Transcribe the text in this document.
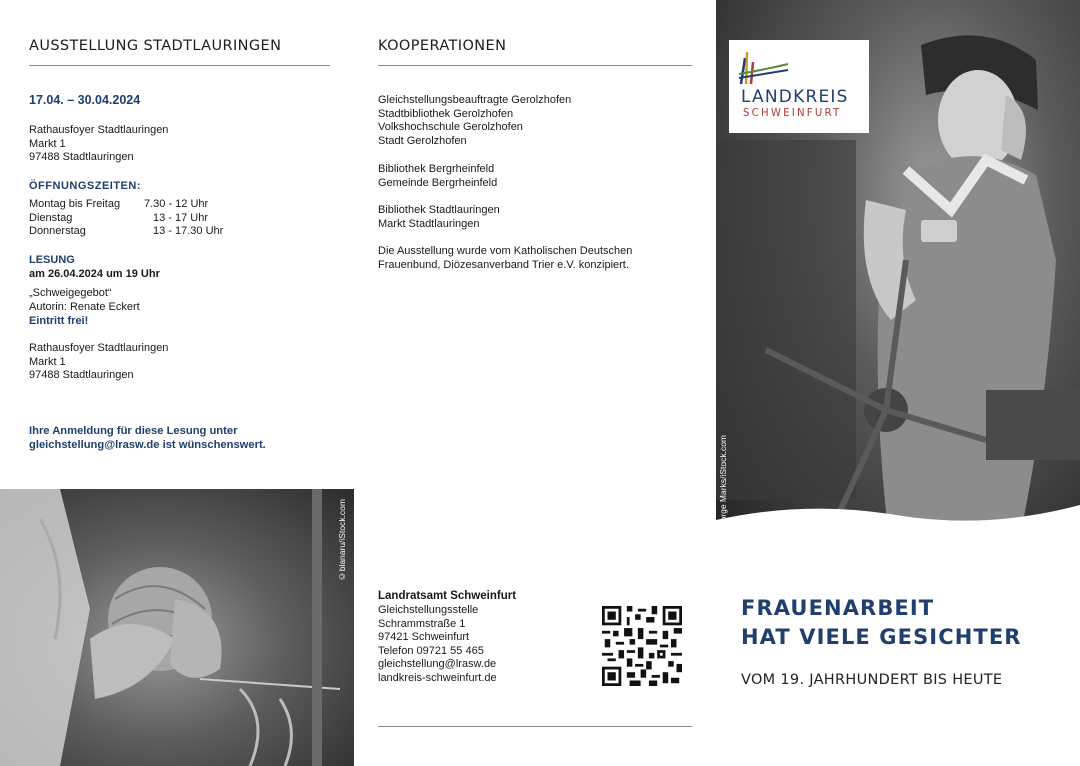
AUSSTELLUNG STADTLAURINGEN
17.04. – 30.04.2024
Rathausfoyer Stadtlauringen
Markt 1
97488 Stadtlauringen
ÖFFNUNGSZEITEN:
Montag bis Freitag	7.30 - 12 Uhr
Dienstag	13 - 17 Uhr
Donnerstag	13 - 17.30 Uhr
LESUNG
am 26.04.2024 um 19 Uhr
„Schweigegebot“
Autorin: Renate Eckert
Eintritt frei!
Rathausfoyer Stadtlauringen
Markt 1
97488 Stadtlauringen
Ihre Anmeldung für diese Lesung unter
gleichstellung@lrasw.de ist wünschenswert.
©blanaru/iStock.com
KOOPERATIONEN
Gleichstellungsbeauftragte Gerolzhofen
Stadtbibliothek Gerolzhofen
Volkshochschule Gerolzhofen
Stadt Gerolzhofen
Bibliothek Bergrheinfeld
Gemeinde Bergrheinfeld
Bibliothek Stadtlauringen
Markt Stadtlauringen
Die Ausstellung wurde vom Katholischen Deutschen
Frauenbund, Diözesanverband Trier e.V. konzipiert.
Landratsamt Schweinfurt
Gleichstellungsstelle
Schrammstraße 1
97421 Schweinfurt
Telefon 09721 55 465
gleichstellung@lrasw.de
landkreis-schweinfurt.de
©George Marks/iStock.com
LANDKREIS
SCHWEINFURT
FRAUENARBEIT
HAT VIELE GESICHTER
VOM 19. JAHRHUNDERT BIS HEUTE
